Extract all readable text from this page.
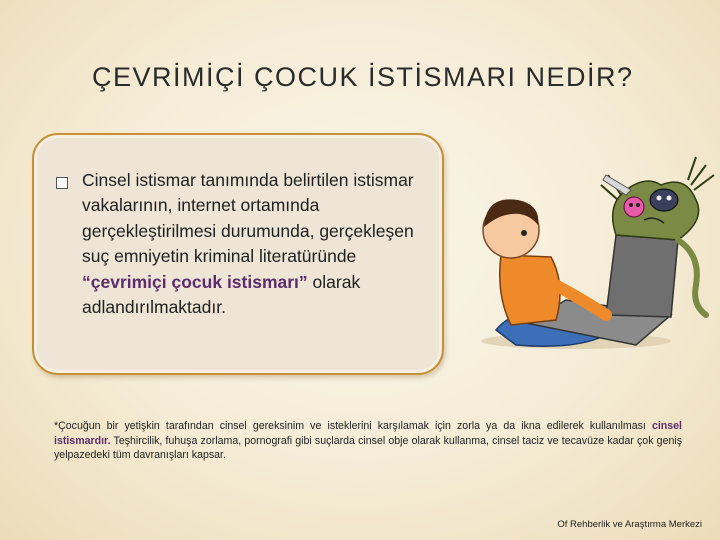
ÇEVRİMİÇİ ÇOCUK İSTİSMARI NEDİR?
Cinsel istismar tanımında belirtilen istismar vakalarının, internet ortamında gerçekleştirilmesi durumunda, gerçekleşen suç emniyetin kriminal literatüründe “çevrimiçi çocuk istismarı” olarak adlandırılmaktadır.
*Çocuğun bir yetişkin tarafından cinsel gereksinim ve isteklerini karşılamak için zorla ya da ikna edilerek kullanılması cinsel istismardır. Teşhircilik, fuhuşa zorlama, pornografi gibi suçlarda cinsel obje olarak kullanma, cinsel taciz ve tecavüze kadar çok geniş yelpazedeki tüm davranışları kapsar.
Of Rehberlik ve Araştırma Merkezi
